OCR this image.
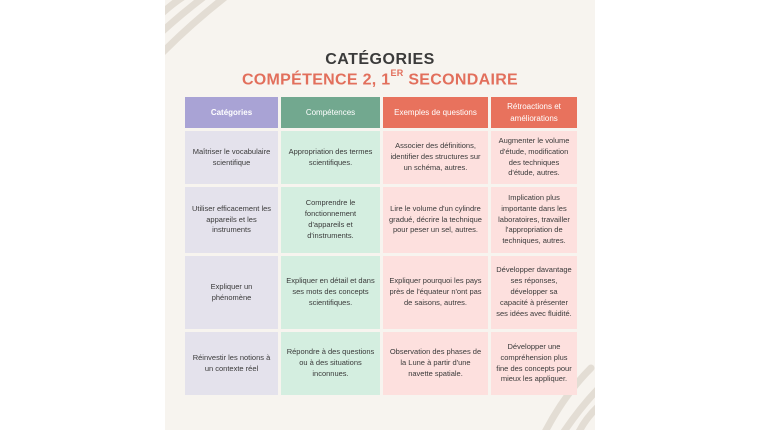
CATÉGORIES
COMPÉTENCE 2, 1ER SECONDAIRE
Catégories	Compétences	Exemples de questions
Rétroactions et améliorations
Maîtriser le vocabulaire scientifique
Appropriation des termes scientifiques.
Associer des définitions, identifier des structures sur un schéma, autres.
Augmenter le volume d'étude, modification des techniques d'étude, autres.
Utiliser efficacement les appareils et les instruments
Comprendre le fonctionnement d'appareils et d'instruments.
Lire le volume d'un cylindre gradué, décrire la technique pour peser un sel, autres.
Implication plus importante dans les laboratoires, travailler l'appropriation de techniques, autres.
Expliquer un phénomène
Expliquer en détail et dans ses mots des concepts scientifiques.
Expliquer pourquoi les pays près de l'équateur n'ont pas de saisons, autres.
Développer davantage ses réponses, développer sa capacité à présenter ses idées avec fluidité.
Réinvestir les notions à un contexte réel
Répondre à des questions ou à des situations inconnues.
Observation des phases de la Lune à partir d'une navette spatiale.
Développer une compréhension plus fine des concepts pour mieux les appliquer.
